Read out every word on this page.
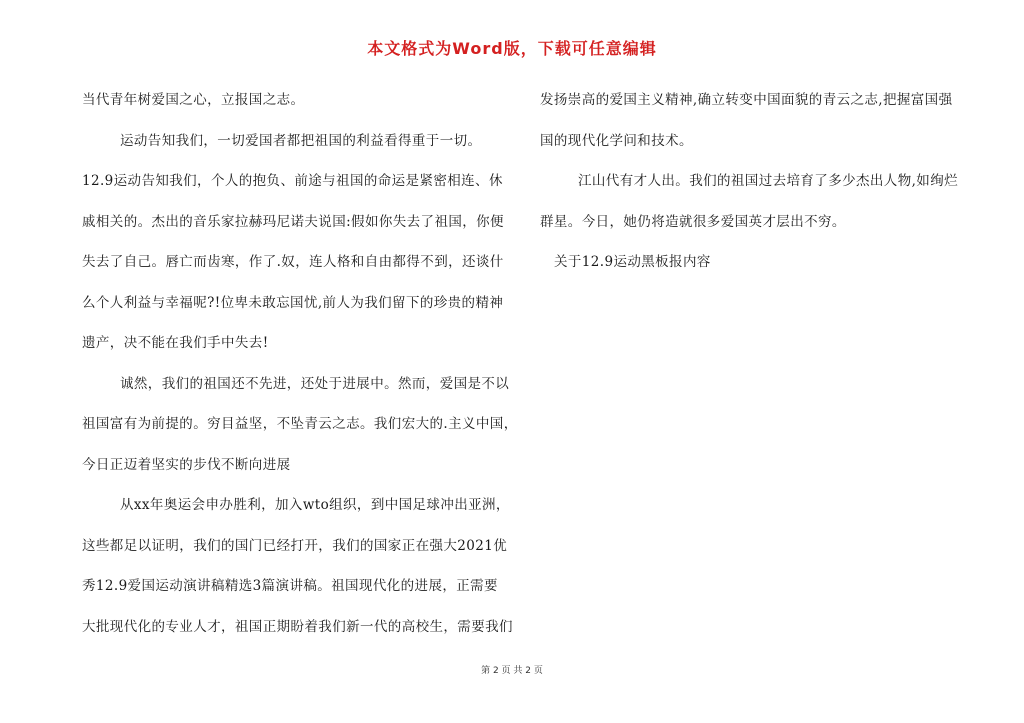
本文格式为Word版，下载可任意编辑
当代青年树爱国之心，立报国之志。
运动告知我们，一切爱国者都把祖国的利益看得重于一切。
12.9运动告知我们，个人的抱负、前途与祖国的命运是紧密相连、休
戚相关的。杰出的音乐家拉赫玛尼诺夫说国:假如你失去了祖国，你便
失去了自己。唇亡而齿寒，作了.奴，连人格和自由都得不到，还谈什
么个人利益与幸福呢?!位卑未敢忘国忧,前人为我们留下的珍贵的精神
遗产，决不能在我们手中失去!
诚然，我们的祖国还不先进，还处于进展中。然而，爱国是不以
祖国富有为前提的。穷目益坚，不坠青云之志。我们宏大的.主义中国，
今日正迈着坚实的步伐不断向进展
从xx年奥运会申办胜利，加入wto组织，到中国足球冲出亚洲，
这些都足以证明，我们的国门已经打开，我们的国家正在强大2021优
秀12.9爱国运动演讲稿精选3篇演讲稿。祖国现代化的进展，正需要
大批现代化的专业人才，祖国正期盼着我们新一代的高校生，需要我们
发扬崇高的爱国主义精神,确立转变中国面貌的青云之志,把握富国强
国的现代化学问和技术。
江山代有才人出。我们的祖国过去培育了多少杰出人物,如绚烂
群星。今日，她仍将造就很多爱国英才层出不穷。
关于12.9运动黑板报内容
第 2 页 共 2 页
